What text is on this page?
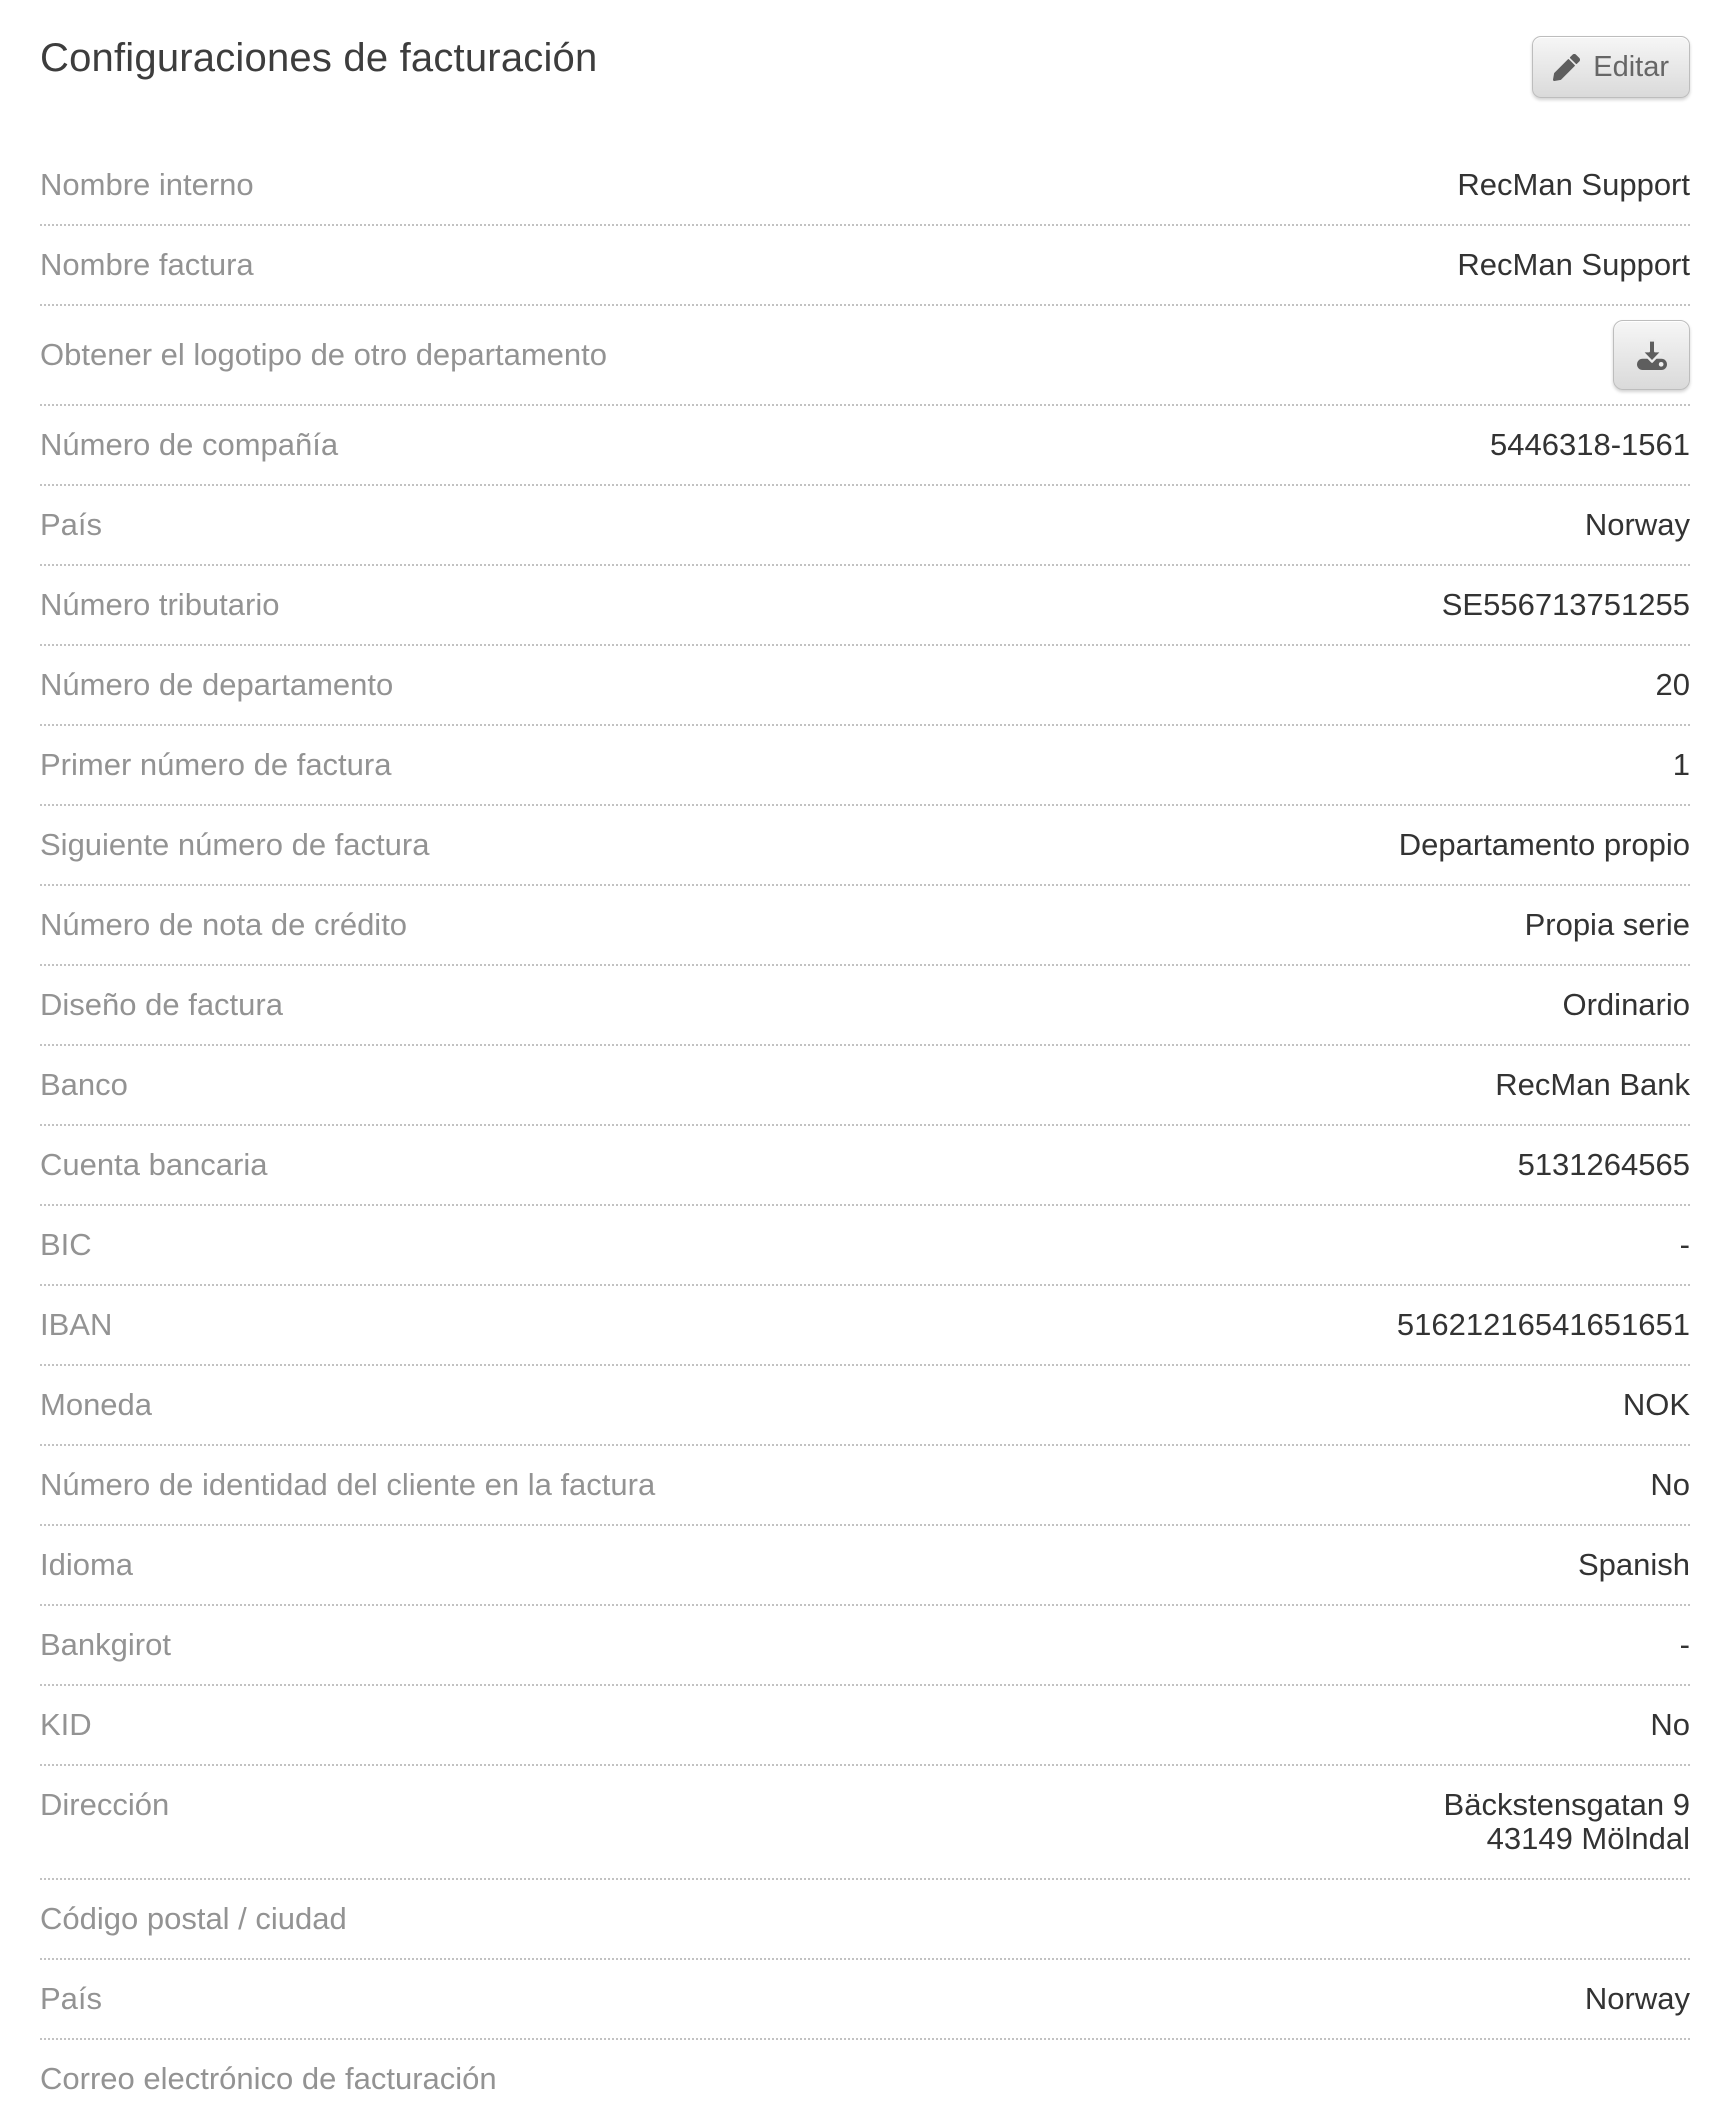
Configuraciones de facturación	Editar
Nombre interno	RecMan Support
Nombre factura	RecMan Support
Obtener el logotipo de otro departamento
Número de compañía	5446318-1561
País	Norway
Número tributario	SE556713751255
Número de departamento	20
Primer número de factura	1
Siguiente número de factura	Departamento propio
Número de nota de crédito	Propia serie
Diseño de factura	Ordinario
Banco	RecMan Bank
Cuenta bancaria	5131264565
BIC	-
IBAN	51621216541651651
Moneda	NOK
Número de identidad del cliente en la factura	No
Idioma	Spanish
Bankgirot	-
KID	No
Dirección	Bäckstensgatan 9
43149 Mölndal
Código postal / ciudad
País	Norway
Correo electrónico de facturación
